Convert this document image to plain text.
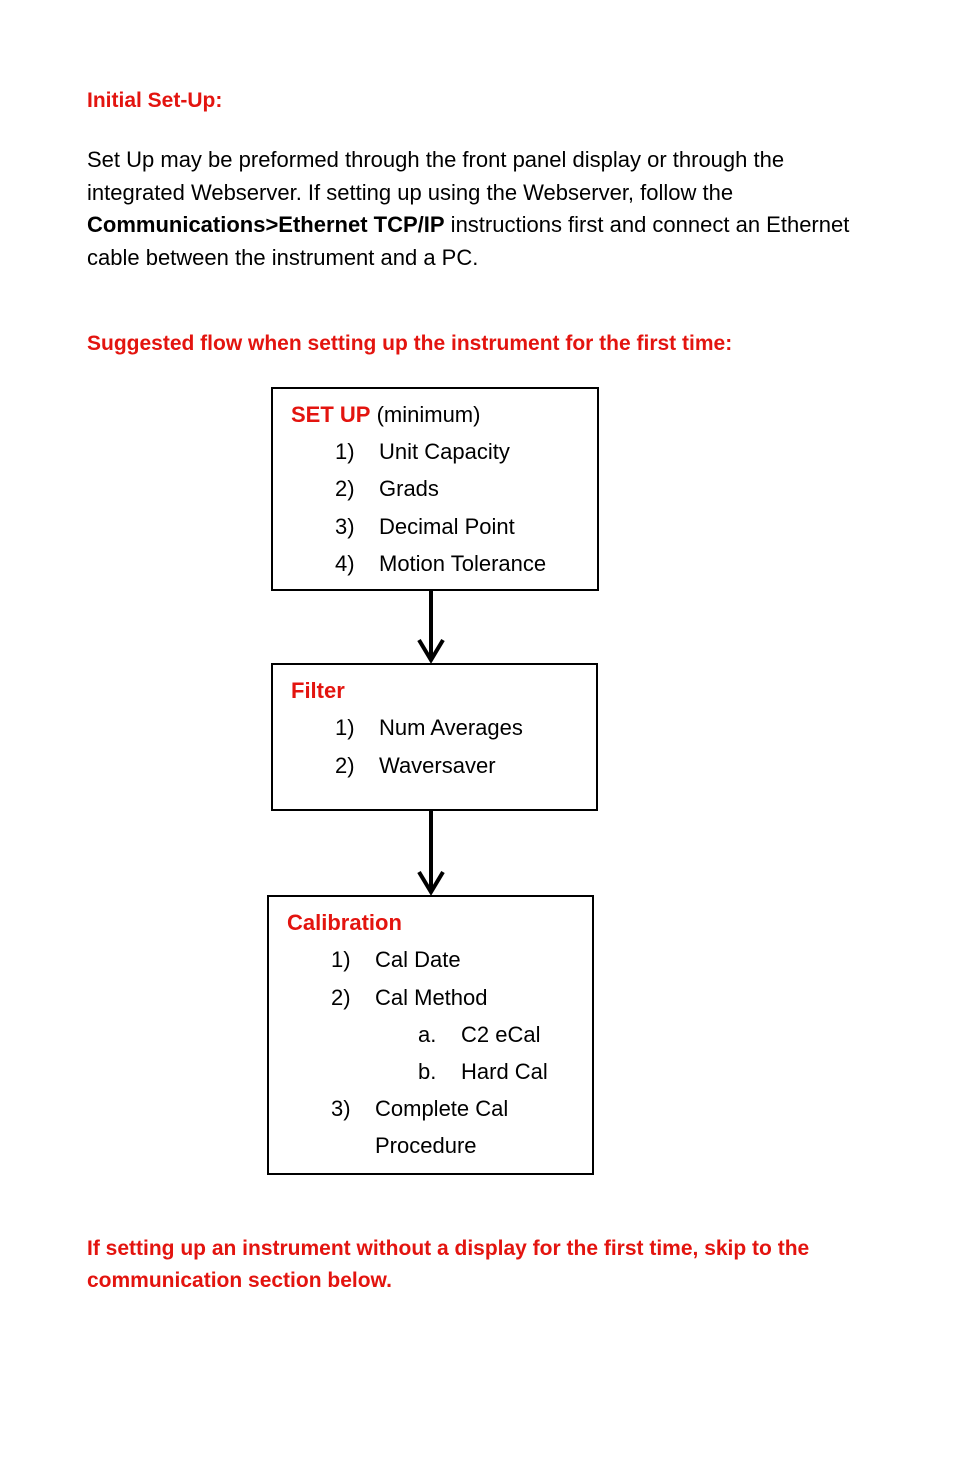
Initial Set-Up:

Set Up may be preformed through the front panel display or through the integrated Webserver. If setting up using the Webserver, follow the Communications>Ethernet TCP/IP instructions first and connect an Ethernet cable between the instrument and a PC.

Suggested flow when setting up the instrument for the first time:

SET UP (minimum)

1) Unit Capacity
2) Grads
3) Decimal Point
4) Motion Tolerance

Filter

1) Num Averages
2) Waversaver

Calibration

1) Cal Date
2) Cal Method
a. C2 eCal
b. Hard Cal
3) Complete Cal
Procedure

If setting up an instrument without a display for the first time, skip to the communication section below.
